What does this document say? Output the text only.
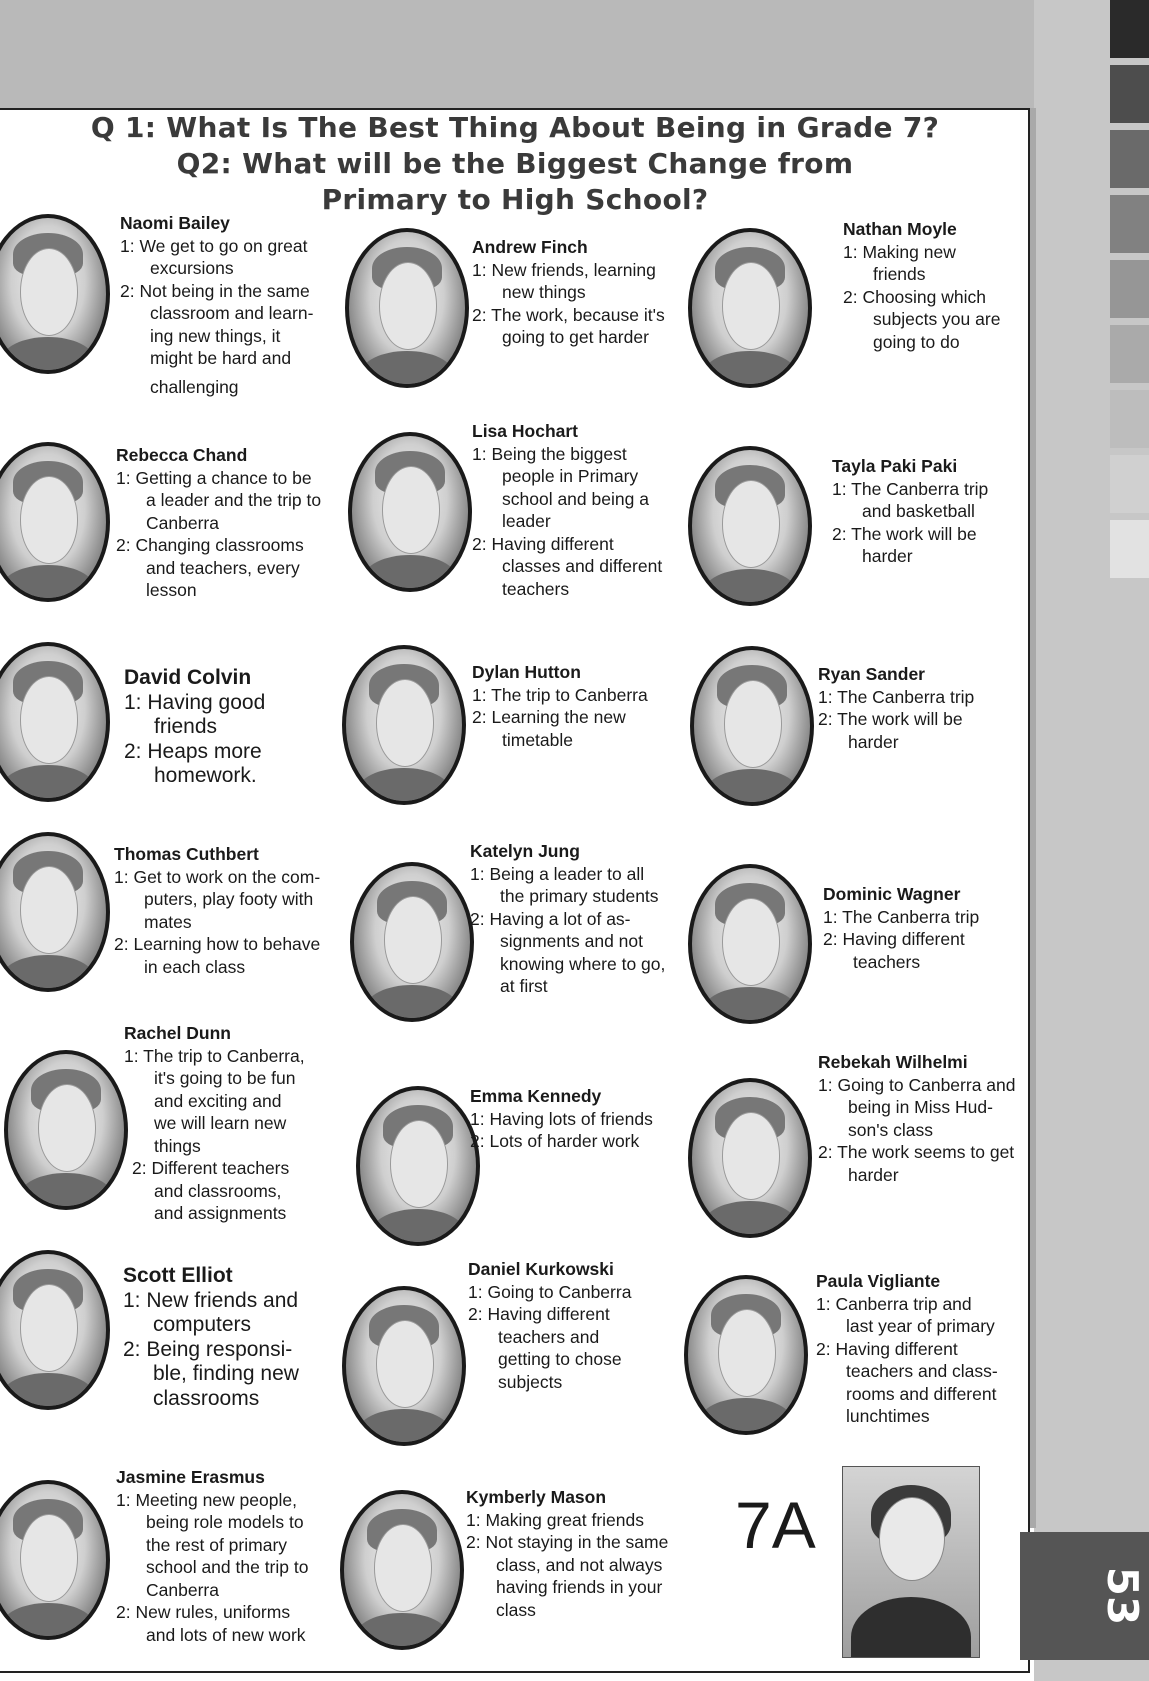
Q 1: What Is The Best Thing About Being in Grade 7?
Q2: What will be the Biggest Change from
Primary to High School?
Naomi Bailey
1: We get to go on great
excursions
2: Not being in the same
classroom and learn-
ing new things, it
might be hard and
challenging
Andrew Finch
1: New friends, learning
new things
2: The work, because it's
going to get harder
Nathan Moyle
1: Making new
friends
2: Choosing which
subjects you are
going to do
Rebecca Chand
1: Getting a chance to be
a leader and the trip to
Canberra
2: Changing classrooms
and teachers, every
lesson
Lisa Hochart
1: Being the biggest
people in Primary
school and being a
leader
2: Having different
classes and different
teachers
Tayla Paki Paki
1: The Canberra trip
and basketball
2: The work will be
harder
David Colvin
1: Having good
friends
2: Heaps more
homework.
Dylan Hutton
1: The trip to Canberra
2: Learning the new
timetable
Ryan Sander
1: The Canberra trip
2: The work will be
harder
Thomas Cuthbert
1: Get to work on the com-
puters, play footy with
mates
2: Learning how to behave
in each class
Katelyn Jung
1: Being a leader to all
the primary students
2: Having a lot of as-
signments and not
knowing where to go,
at first
Dominic Wagner
1: The Canberra trip
2: Having different
teachers
Rachel Dunn
1: The trip to Canberra,
it's going to be fun
and exciting and
we will learn new
things
2: Different teachers
and classrooms,
and assignments
Emma Kennedy
1: Having lots of friends
2: Lots of harder work
Rebekah Wilhelmi
1: Going to Canberra and
being in Miss Hud-
son's class
2: The work seems to get
harder
Scott Elliot
1: New friends and
computers
2: Being responsi-
ble, finding new
classrooms
Daniel Kurkowski
1: Going to Canberra
2: Having different
teachers and
getting to chose
subjects
Paula Vigliante
1: Canberra trip and
last year of primary
2: Having different
teachers and class-
rooms and different
lunchtimes
Jasmine Erasmus
1: Meeting new people,
being role models to
the rest of primary
school and the trip to
Canberra
2: New rules, uniforms
and lots of new work
Kymberly Mason
1: Making great friends
2: Not staying in the same
class, and not always
having friends in your
class
7A
53
